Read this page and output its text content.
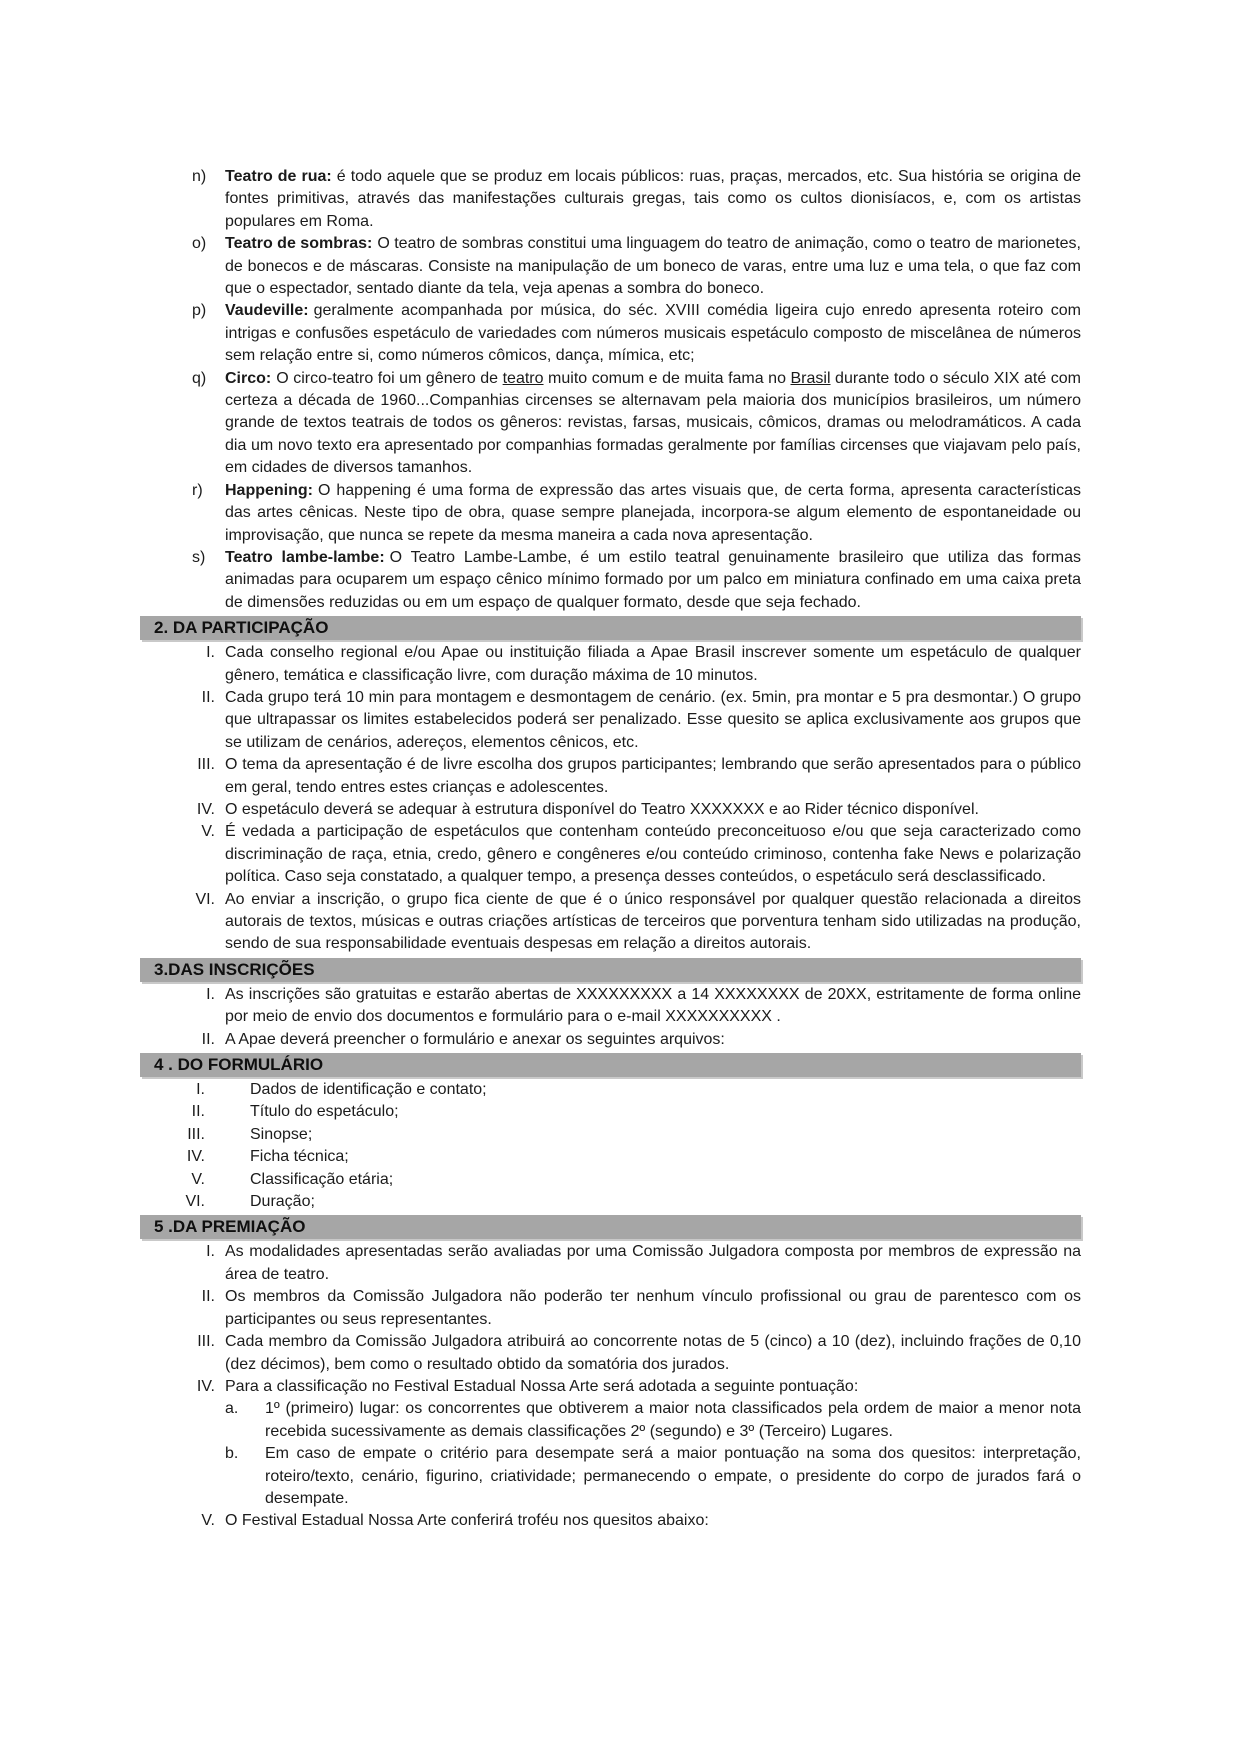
n)	Teatro de rua: é todo aquele que se produz em locais públicos: ruas, praças, mercados, etc. Sua história se origina de fontes primitivas, através das manifestações culturais gregas, tais como os cultos dionisíacos, e, com os artistas populares em Roma.
o)	Teatro de sombras: O teatro de sombras constitui uma linguagem do teatro de animação, como o teatro de marionetes, de bonecos e de máscaras. Consiste na manipulação de um boneco de varas, entre uma luz e uma tela, o que faz com que o espectador, sentado diante da tela, veja apenas a sombra do boneco.
p)	Vaudeville: geralmente acompanhada por música, do séc. XVIII comédia ligeira cujo enredo apresenta roteiro com intrigas e confusões espetáculo de variedades com números musicais espetáculo composto de miscelânea de números sem relação entre si, como números cômicos, dança, mímica, etc;
q)	Circo: O circo-teatro foi um gênero de teatro muito comum e de muita fama no Brasil durante todo o século XIX até com certeza a década de 1960...Companhias circenses se alternavam pela maioria dos municípios brasileiros, um número grande de textos teatrais de todos os gêneros: revistas, farsas, musicais, cômicos, dramas ou melodramáticos. A cada dia um novo texto era apresentado por companhias formadas geralmente por famílias circenses que viajavam pelo país, em cidades de diversos tamanhos.
r)	Happening: O happening é uma forma de expressão das artes visuais que, de certa forma, apresenta características das artes cênicas. Neste tipo de obra, quase sempre planejada, incorpora-se algum elemento de espontaneidade ou improvisação, que nunca se repete da mesma maneira a cada nova apresentação.
s)	Teatro lambe-lambe: O Teatro Lambe-Lambe, é um estilo teatral genuinamente brasileiro que utiliza das formas animadas para ocuparem um espaço cênico mínimo formado por um palco em miniatura confinado em uma caixa preta de dimensões reduzidas ou em um espaço de qualquer formato, desde que seja fechado.
2. DA PARTICIPAÇÃO
I. Cada conselho regional e/ou Apae ou instituição filiada a Apae Brasil inscrever somente um espetáculo de qualquer gênero, temática e classificação livre, com duração máxima de 10 minutos.
II. Cada grupo terá 10 min para montagem e desmontagem de cenário. (ex. 5min, pra montar e 5 pra desmontar.) O grupo que ultrapassar os limites estabelecidos poderá ser penalizado. Esse quesito se aplica exclusivamente aos grupos que se utilizam de cenários, adereços, elementos cênicos, etc.
III. O tema da apresentação é de livre escolha dos grupos participantes; lembrando que serão apresentados para o público em geral, tendo entres estes crianças e adolescentes.
IV. O espetáculo deverá se adequar à estrutura disponível do Teatro XXXXXXX e ao Rider técnico disponível.
V. É vedada a participação de espetáculos que contenham conteúdo preconceituoso e/ou que seja caracterizado como discriminação de raça, etnia, credo, gênero e congêneres e/ou conteúdo criminoso, contenha fake News e polarização política. Caso seja constatado, a qualquer tempo, a presença desses conteúdos, o espetáculo será desclassificado.
VI. Ao enviar a inscrição, o grupo fica ciente de que é o único responsável por qualquer questão relacionada a direitos autorais de textos, músicas e outras criações artísticas de terceiros que porventura tenham sido utilizadas na produção, sendo de sua responsabilidade eventuais despesas em relação a direitos autorais.
3.DAS INSCRIÇÕES
I. As inscrições são gratuitas e estarão abertas de XXXXXXXXX a 14 XXXXXXXX de 20XX, estritamente de forma online por meio de envio dos documentos e formulário para o e-mail XXXXXXXXXX .
II. A Apae deverá preencher o formulário e anexar os seguintes arquivos:
4 . DO FORMULÁRIO
I.	Dados de identificação e contato;
II.	Título do espetáculo;
III.	Sinopse;
IV.	Ficha técnica;
V.	Classificação etária;
VI.	Duração;
5 .DA PREMIAÇÃO
I. As modalidades apresentadas serão avaliadas por uma Comissão Julgadora composta por membros de expressão na área de teatro.
II. Os membros da Comissão Julgadora não poderão ter nenhum vínculo profissional ou grau de parentesco com os participantes ou seus representantes.
III. Cada membro da Comissão Julgadora atribuirá ao concorrente notas de 5 (cinco) a 10 (dez), incluindo frações de 0,10 (dez décimos), bem como o resultado obtido da somatória dos jurados.
IV. Para a classificação no Festival Estadual Nossa Arte será adotada a seguinte pontuação:
a.	1º (primeiro) lugar: os concorrentes que obtiverem a maior nota classificados pela ordem de maior a menor nota recebida sucessivamente as demais classificações 2º (segundo) e 3º (Terceiro) Lugares.
b.	Em caso de empate o critério para desempate será a maior pontuação na soma dos quesitos: interpretação, roteiro/texto, cenário, figurino, criatividade; permanecendo o empate, o presidente do corpo de jurados fará o desempate.
V. O Festival Estadual Nossa Arte conferirá troféu nos quesitos abaixo:
